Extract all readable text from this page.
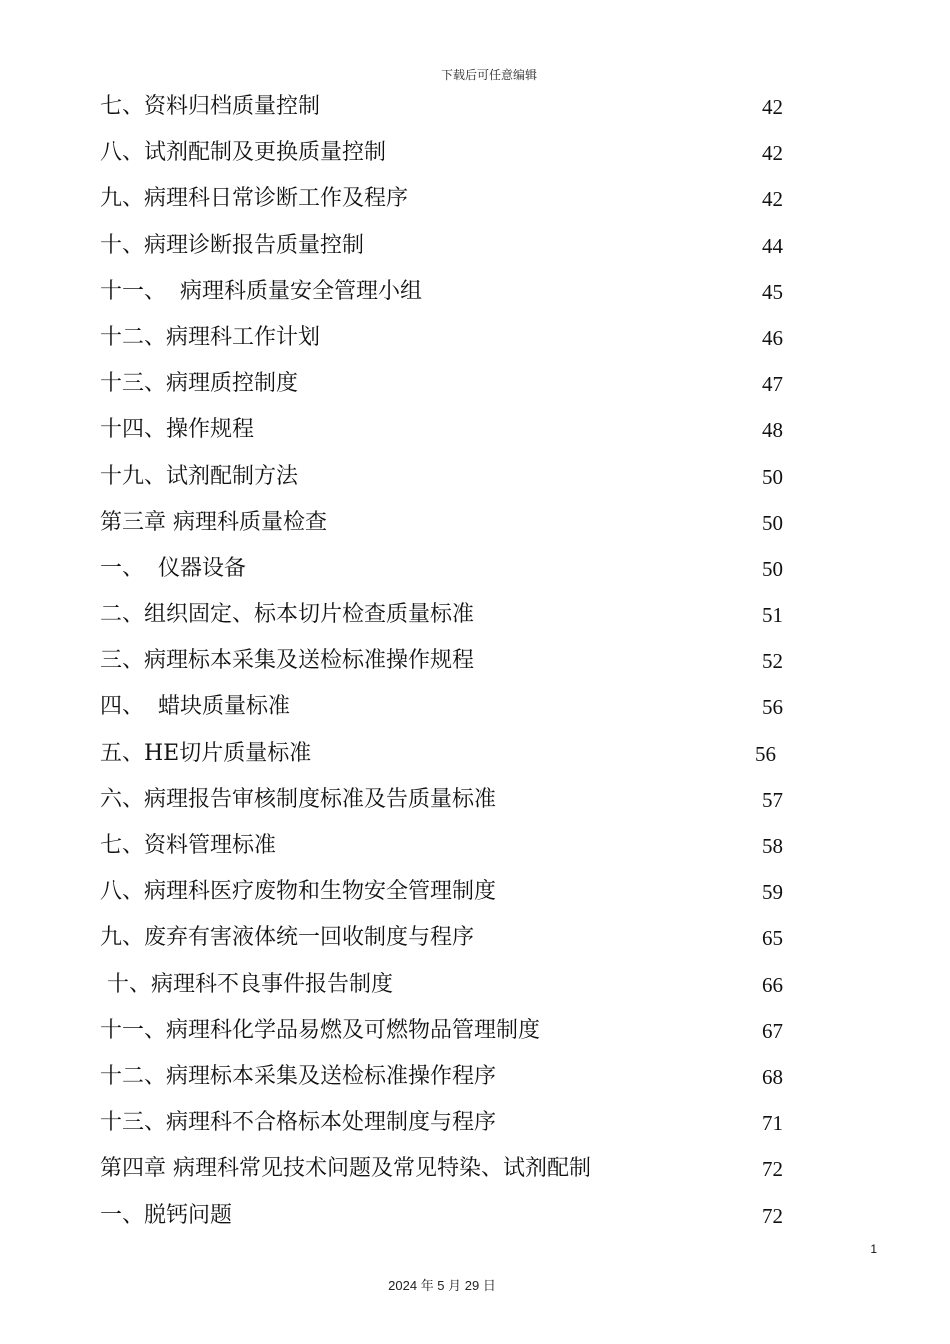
下载后可任意编辑
七、资料归档质量控制	42
八、试剂配制及更换质量控制	42
九、病理科日常诊断工作及程序	42
十、病理诊断报告质量控制	44
十一、  病理科质量安全管理小组	45
十二、病理科工作计划	46
十三、病理质控制度	47
十四、操作规程	48
十九、试剂配制方法	50
第三章 病理科质量检查	50
一、  仪器设备	50
二、组织固定、标本切片检查质量标准	51
三、病理标本采集及送检标准操作规程	52
四、  蜡块质量标准	56
五、HE切片质量标准	56
六、病理报告审核制度标准及告质量标准	57
七、资料管理标准	58
八、病理科医疗废物和生物安全管理制度	59
九、废弃有害液体统一回收制度与程序	65
十、病理科不良事件报告制度	66
十一、病理科化学品易燃及可燃物品管理制度	67
十二、病理标本采集及送检标准操作程序	68
十三、病理科不合格标本处理制度与程序	71
第四章 病理科常见技术问题及常见特染、试剂配制	72
一、脱钙问题	72
1
2024 年 5 月 29 日
